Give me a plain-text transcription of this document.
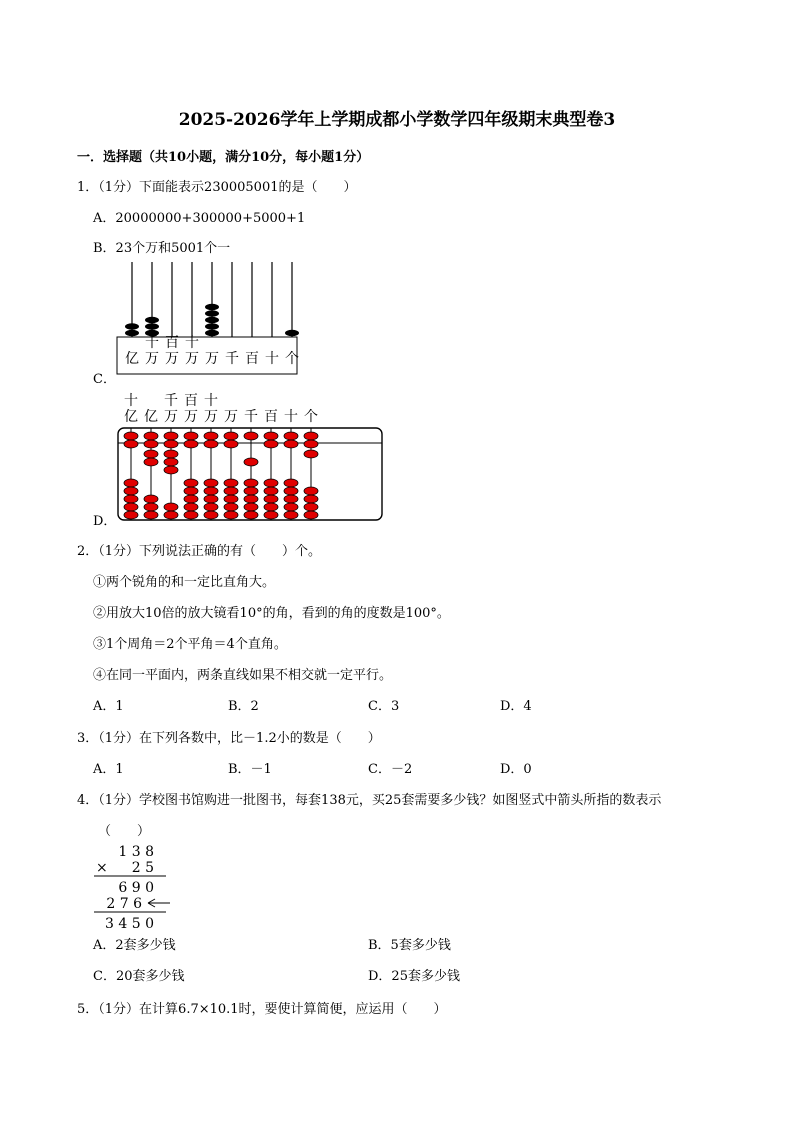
2025-2026学年上学期成都小学数学四年级期末典型卷3
一．选择题（共10小题，满分10分，每小题1分）
1．（1分）下面能表示230005001的是（　　）
A．20000000+300000+5000+1
B．23个万和5001个一
C．
D．
亿
千
万
百
万
十
万 万 千 百 十 个
十
亿 亿
千
万
百
万
十
万 万 千 百 十 个
2．（1分）下列说法正确的有（　　）个。
①两个锐角的和一定比直角大。
②用放大10倍的放大镜看10°的角，看到的角的度数是100°。
③1个周角＝2个平角＝4个直角。
④在同一平面内，两条直线如果不相交就一定平行。
A．1	B．2	C．3	D．4
3．（1分）在下列各数中，比－1.2小的数是（　　）
A．1	B．－1	C．－2	D．0
4．（1分）学校图书馆购进一批图书，每套138元，买25套需要多少钱？如图竖式中箭头所指的数表示
（　　）
1 3 8
× 2 5
6 9 0
2 7 6
3 4 5 0
A．2套多少钱	B．5套多少钱
C．20套多少钱	D．25套多少钱
5．（1分）在计算6.7×10.1时，要使计算简便，应运用（　　）
